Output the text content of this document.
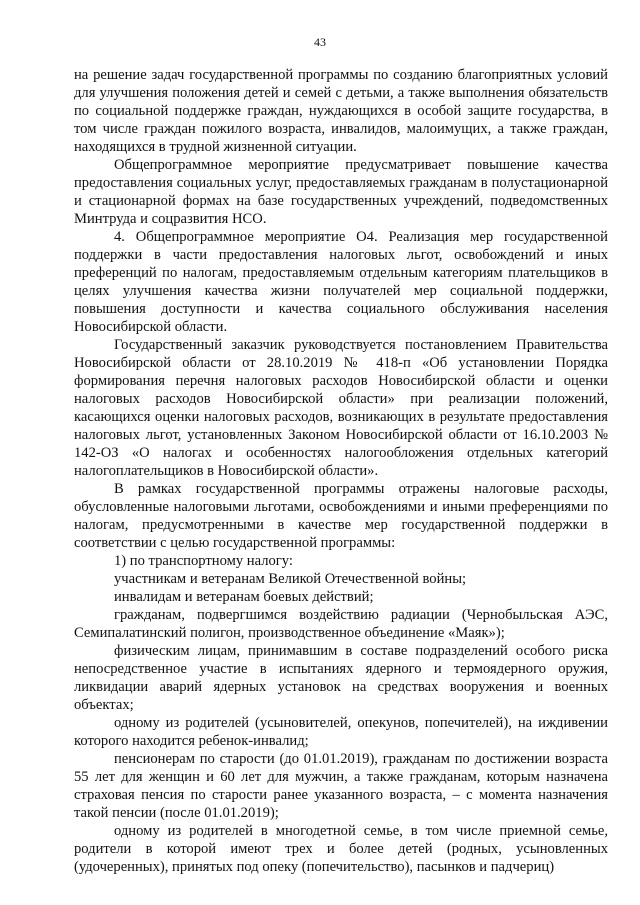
43

на решение задач государственной программы по созданию благоприятных условий для улучшения положения детей и семей с детьми, а также выполнения обязательств по социальной поддержке граждан, нуждающихся в особой защите государства, в том числе граждан пожилого возраста, инвалидов, малоимущих, а также граждан, находящихся в трудной жизненной ситуации.

Общепрограммное мероприятие предусматривает повышение качества предоставления социальных услуг, предоставляемых гражданам в полустационарной и стационарной формах на базе государственных учреждений, подведомственных Минтруда и соцразвития НСО.

4. Общепрограммное мероприятие О4. Реализация мер государственной поддержки в части предоставления налоговых льгот, освобождений и иных преференций по налогам, предоставляемым отдельным категориям плательщиков в целях улучшения качества жизни получателей мер социальной поддержки, повышения доступности и качества социального обслуживания населения Новосибирской области.

Государственный заказчик руководствуется постановлением Правительства Новосибирской области от 28.10.2019 № 418-п «Об установлении Порядка формирования перечня налоговых расходов Новосибирской области и оценки налоговых расходов Новосибирской области» при реализации положений, касающихся оценки налоговых расходов, возникающих в результате предоставления налоговых льгот, установленных Законом Новосибирской области от 16.10.2003 № 142-ОЗ «О налогах и особенностях налогообложения отдельных категорий налогоплательщиков в Новосибирской области».

В рамках государственной программы отражены налоговые расходы, обусловленные налоговыми льготами, освобождениями и иными преференциями по налогам, предусмотренными в качестве мер государственной поддержки в соответствии с целью государственной программы:

1) по транспортному налогу:

участникам и ветеранам Великой Отечественной войны;

инвалидам и ветеранам боевых действий;

гражданам, подвергшимся воздействию радиации (Чернобыльская АЭС, Семипалатинский полигон, производственное объединение «Маяк»);

физическим лицам, принимавшим в составе подразделений особого риска непосредственное участие в испытаниях ядерного и термоядерного оружия, ликвидации аварий ядерных установок на средствах вооружения и военных объектах;

одному из родителей (усыновителей, опекунов, попечителей), на иждивении которого находится ребенок-инвалид;

пенсионерам по старости (до 01.01.2019), гражданам по достижении возраста 55 лет для женщин и 60 лет для мужчин, а также гражданам, которым назначена страховая пенсия по старости ранее указанного возраста, – с момента назначения такой пенсии (после 01.01.2019);

одному из родителей в многодетной семье, в том числе приемной семье, родители в которой имеют трех и более детей (родных, усыновленных (удочеренных), принятых под опеку (попечительство), пасынков и падчериц)
